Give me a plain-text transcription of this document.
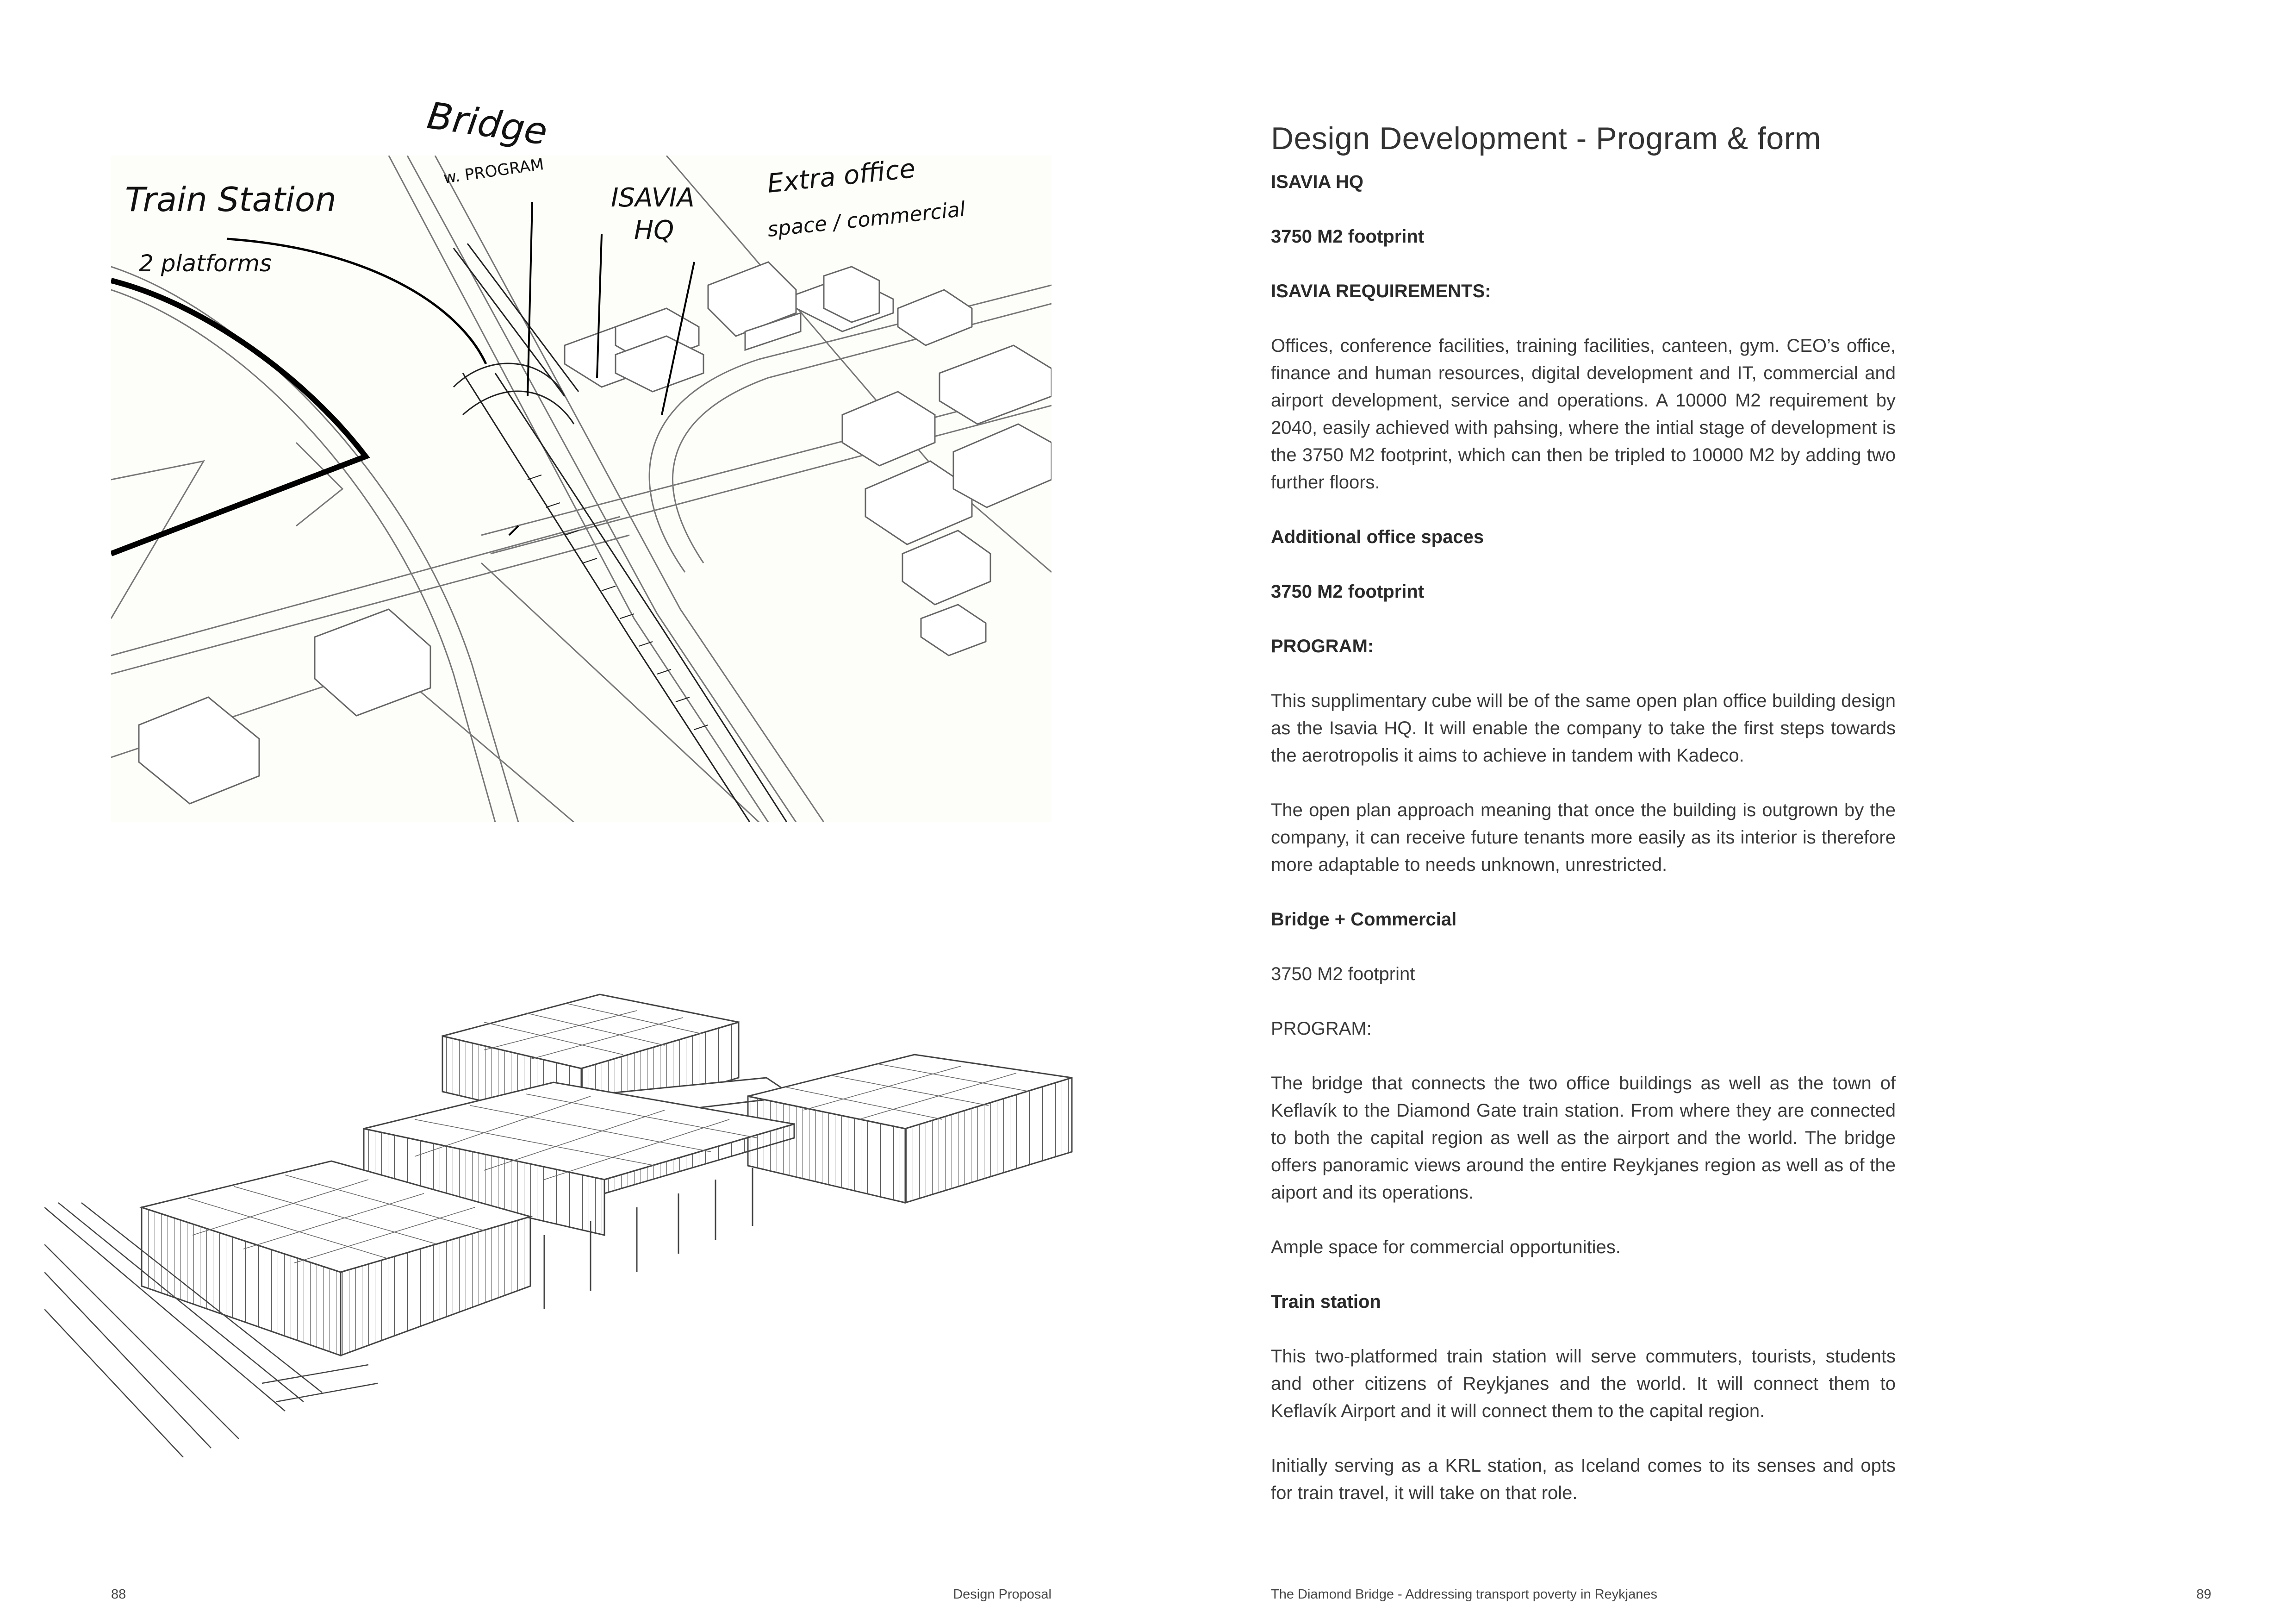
Train Station
2 platforms
ISAVIA
HQ
Extra office
space / commercial
Bridge
w. PROGRAM
Design Development - Program & form

ISAVIA HQ

3750 M2 footprint

ISAVIA REQUIREMENTS:

Offices, conference facilities, training facilities, canteen, gym. CEO’s office, finance and human resources, digital development and IT, commercial and airport development, service and operations. A 10000 M2 requirement by 2040, easily achieved with pahsing, where the intial stage of development is the 3750 M2 footprint, which can then be tripled to 10000 M2 by adding two further floors.

Additional office spaces

3750 M2 footprint

PROGRAM:

This supplimentary cube will be of the same open plan office building design as the Isavia HQ. It will enable the company to take the first steps towards the aerotropolis it aims to achieve in tandem with Kadeco.

The open plan approach meaning that once the building is outgrown by the company, it can receive future tenants more easily as its interior is therefore more adaptable to needs unknown, unrestricted.

Bridge + Commercial

3750 M2 footprint

PROGRAM:

The bridge that connects the two office buildings as well as the town of Keflavík to the Diamond Gate train station. From where they are connected to both the capital region as well as the airport and the world. The bridge offers panoramic views around the entire Reykjanes region as well as of the aiport and its operations.

Ample space for commercial opportunities.

Train station

This two-platformed train station will serve commuters, tourists, students and other citizens of Reykjanes and the world. It will connect them to Keflavík Airport and it will connect them to the capital region.

Initially serving as a KRL station, as Iceland comes to its senses and opts for train travel, it will take on that role.

88	Design Proposal	The Diamond Bridge - Addressing transport poverty in Reykjanes	89
